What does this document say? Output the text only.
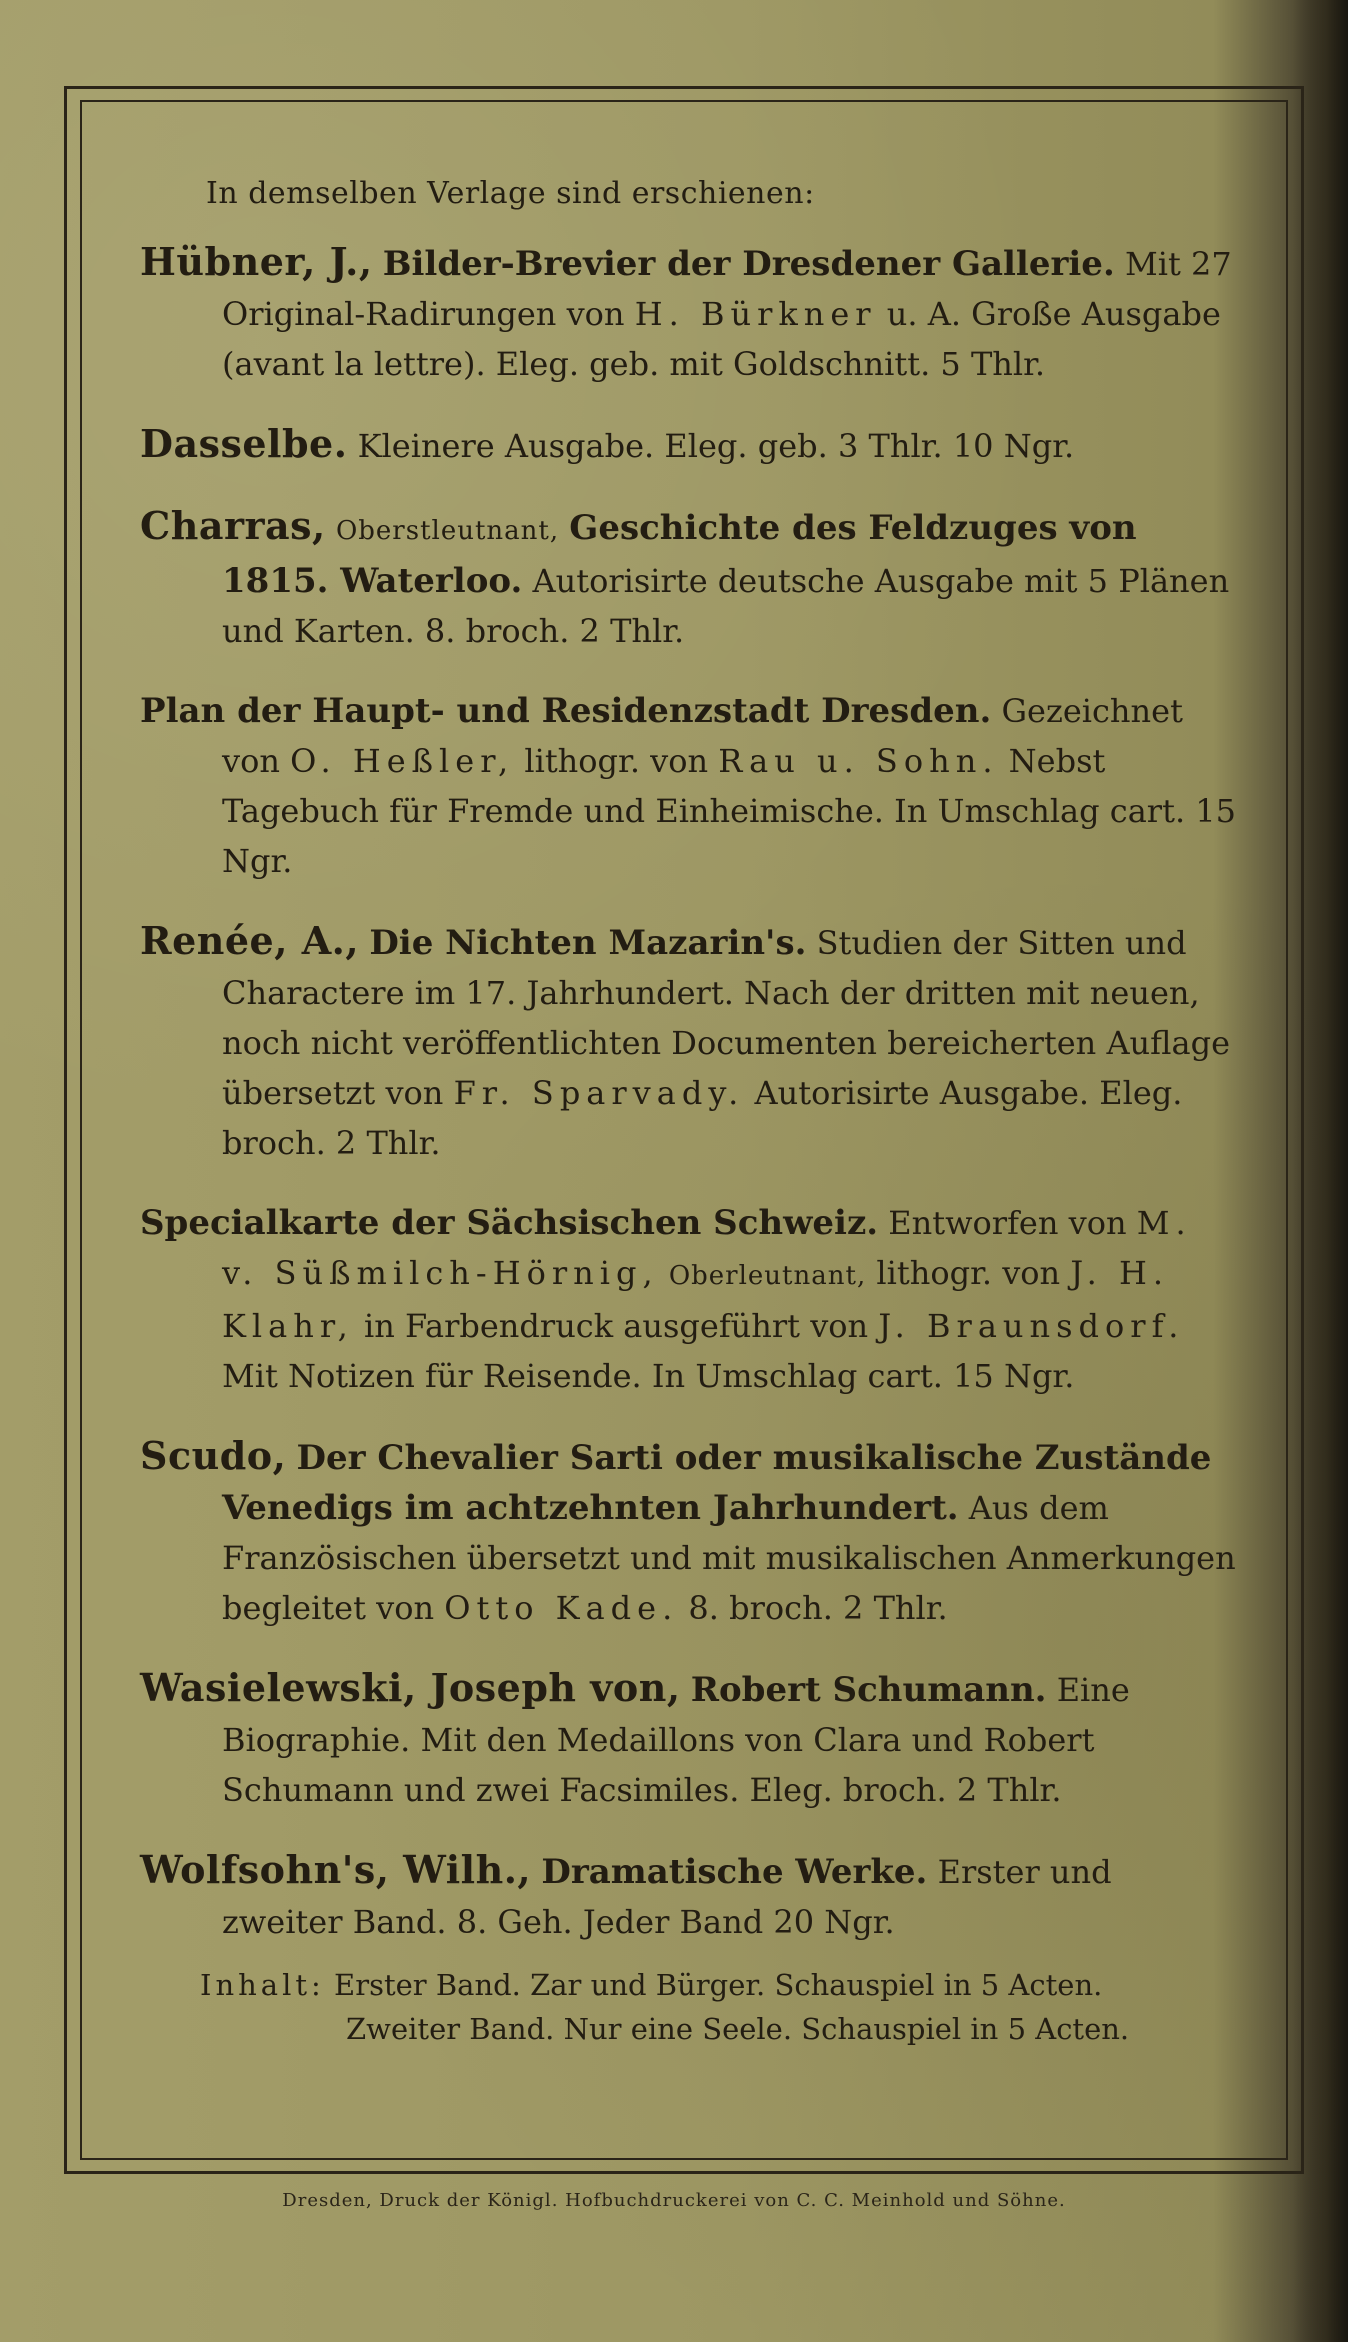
In demselben Verlage sind erschienen:

Hübner, J., Bilder-Brevier der Dresdener Gallerie. Mit 27 Original-Radirungen von H. Bürkner u. A. Große Ausgabe (avant la lettre). Eleg. geb. mit Goldschnitt. 5 Thlr.

Dasselbe. Kleinere Ausgabe. Eleg. geb. 3 Thlr. 10 Ngr.

Charras, Oberstleutnant, Geschichte des Feldzuges von 1815. Waterloo. Autorisirte deutsche Ausgabe mit 5 Plänen und Karten. 8. broch. 2 Thlr.

Plan der Haupt- und Residenzstadt Dresden. Gezeichnet von O. Heßler, lithogr. von Rau u. Sohn. Nebst Tagebuch für Fremde und Einheimische. In Umschlag cart. 15 Ngr.

Renée, A., Die Nichten Mazarin's. Studien der Sitten und Charactere im 17. Jahrhundert. Nach der dritten mit neuen, noch nicht veröffentlichten Documenten bereicherten Auflage übersetzt von Fr. Sparvady. Autorisirte Ausgabe. Eleg. broch. 2 Thlr.

Specialkarte der Sächsischen Schweiz. Entworfen von M. v. Süßmilch-Hörnig, Oberleutnant, lithogr. von J. H. Klahr, in Farbendruck ausgeführt von J. Braunsdorf. Mit Notizen für Reisende. In Umschlag cart. 15 Ngr.

Scudo, Der Chevalier Sarti oder musikalische Zustände Venedigs im achtzehnten Jahrhundert. Aus dem Französischen übersetzt und mit musikalischen Anmerkungen begleitet von Otto Kade. 8. broch. 2 Thlr.

Wasielewski, Joseph von, Robert Schumann. Eine Biographie. Mit den Medaillons von Clara und Robert Schumann und zwei Facsimiles. Eleg. broch. 2 Thlr.

Wolfsohn's, Wilh., Dramatische Werke. Erster und zweiter Band. 8. Geh. Jeder Band 20 Ngr.

Inhalt: Erster Band. Zar und Bürger. Schauspiel in 5 Acten.
Zweiter Band. Nur eine Seele. Schauspiel in 5 Acten.
Dresden, Druck der Königl. Hofbuchdruckerei von C. C. Meinhold und Söhne.
